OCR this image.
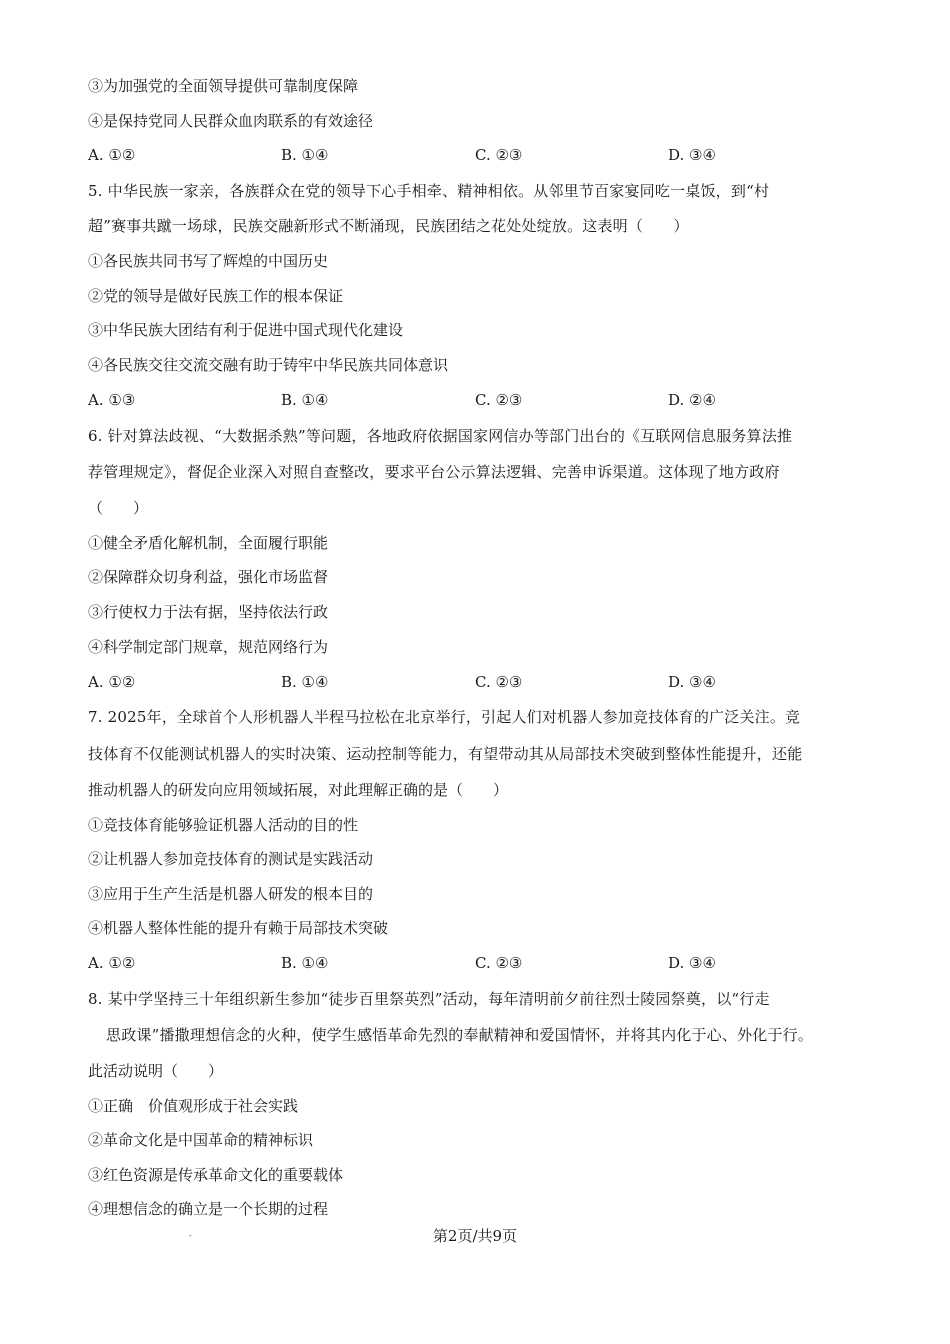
③为加强党的全面领导提供可靠制度保障
④是保持党同人民群众血肉联系的有效途径
A. ①②	B. ①④	C. ②③	D. ③④
5. 中华民族一家亲，各族群众在党的领导下心手相牵、精神相依。从邻里节百家宴同吃一桌饭，到“村
超”赛事共蹴一场球，民族交融新形式不断涌现，民族团结之花处处绽放。这表明（　　）
①各民族共同书写了辉煌的中国历史
②党的领导是做好民族工作的根本保证
③中华民族大团结有利于促进中国式现代化建设
④各民族交往交流交融有助于铸牢中华民族共同体意识
A. ①③	B. ①④	C. ②③	D. ②④
6. 针对算法歧视、“大数据杀熟”等问题，各地政府依据国家网信办等部门出台的《互联网信息服务算法推
荐管理规定》，督促企业深入对照自查整改，要求平台公示算法逻辑、完善申诉渠道。这体现了地方政府
（　　）
①健全矛盾化解机制，全面履行职能
②保障群众切身利益，强化市场监督
③行使权力于法有据，坚持依法行政
④科学制定部门规章，规范网络行为
A. ①②	B. ①④	C. ②③	D. ③④
7. 2025年，全球首个人形机器人半程马拉松在北京举行，引起人们对机器人参加竞技体育的广泛关注。竞
技体育不仅能测试机器人的实时决策、运动控制等能力，有望带动其从局部技术突破到整体性能提升，还能
推动机器人的研发向应用领域拓展，对此理解正确的是（　　）
①竞技体育能够验证机器人活动的目的性
②让机器人参加竞技体育的测试是实践活动
③应用于生产生活是机器人研发的根本目的
④机器人整体性能的提升有赖于局部技术突破
A. ①②	B. ①④	C. ②③	D. ③④
8. 某中学坚持三十年组织新生参加“徒步百里祭英烈”活动，每年清明前夕前往烈士陵园祭奠，以“行走
思政课”播撒理想信念的火种，使学生感悟革命先烈的奉献精神和爱国情怀，并将其内化于心、外化于行。
此活动说明（　　）
①正确　价值观形成于社会实践
②革命文化是中国革命的精神标识
③红色资源是传承革命文化的重要载体
④理想信念的确立是一个长期的过程
-	第2页/共9页
